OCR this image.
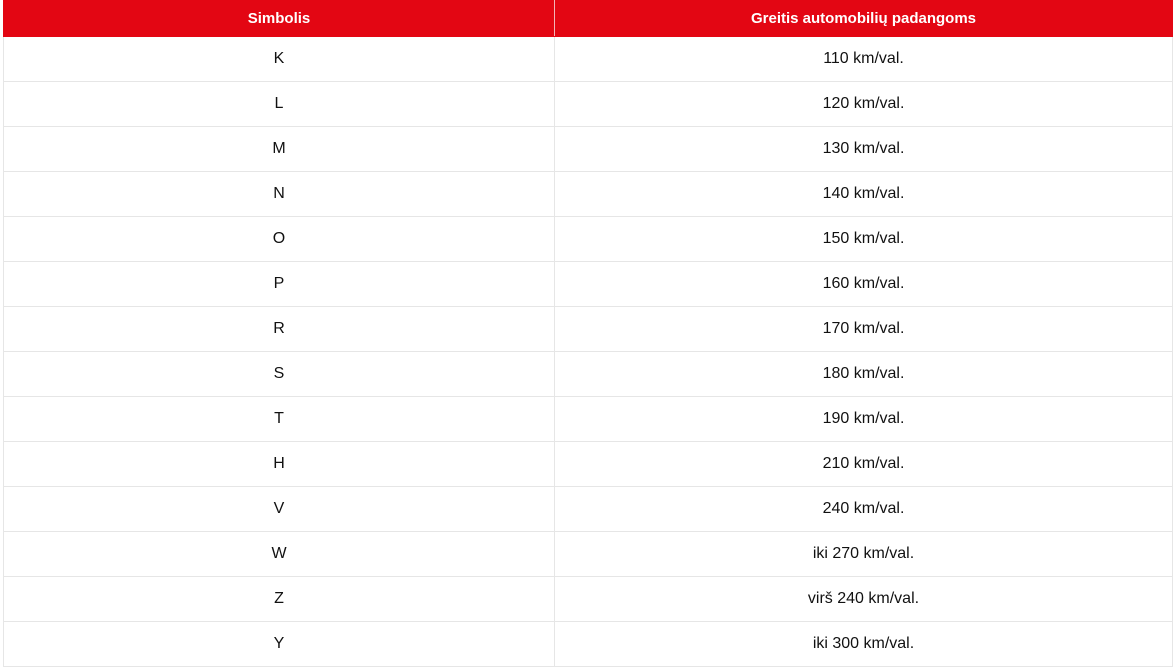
Simbolis	Greitis automobilių padangoms
K	110 km/val.
L	120 km/val.
M	130 km/val.
N	140 km/val.
O	150 km/val.
P	160 km/val.
R	170 km/val.
S	180 km/val.
T	190 km/val.
H	210 km/val.
V	240 km/val.
W	iki 270 km/val.
Z	virš 240 km/val.
Y	iki 300 km/val.
